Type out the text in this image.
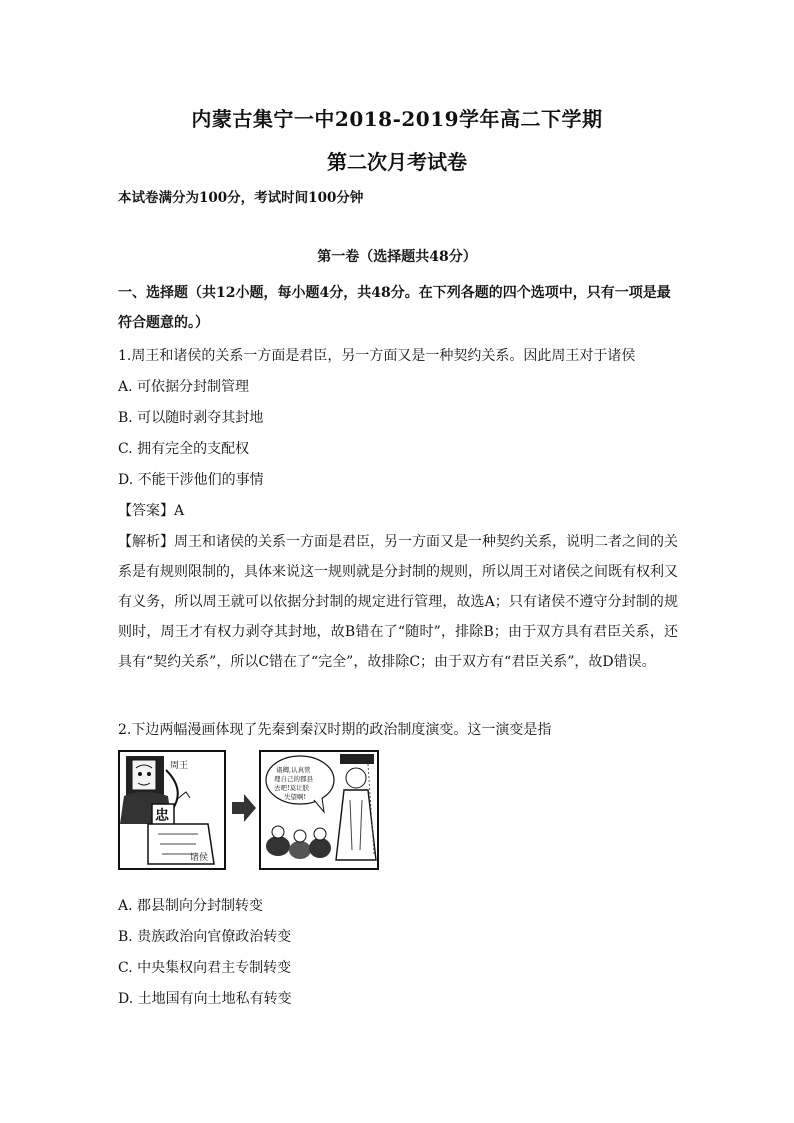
内蒙古集宁一中2018-2019学年高二下学期
第二次月考试卷
本试卷满分为100分，考试时间100分钟
第一卷（选择题共48分）
一、选择题（共12小题，每小题4分，共48分。在下列各题的四个选项中，只有一项是最符合题意的。）
1.周王和诸侯的关系一方面是君臣，另一方面又是一种契约关系。因此周王对于诸侯
A. 可依据分封制管理
B. 可以随时剥夺其封地
C. 拥有完全的支配权
D. 不能干涉他们的事情
【答案】A
【解析】周王和诸侯的关系一方面是君臣，另一方面又是一种契约关系，说明二者之间的关系是有规则限制的，具体来说这一规则就是分封制的规则，所以周王对诸侯之间既有权利又有义务，所以周王就可以依据分封制的规定进行管理，故选A；只有诸侯不遵守分封制的规则时，周王才有权力剥夺其封地，故B错在了“随时”，排除B；由于双方具有君臣关系，还具有“契约关系”，所以C错在了“完全”，故排除C；由于双方有“君臣关系”，故D错误。
2.下边两幅漫画体现了先秦到秦汉时期的政治制度演变。这一演变是指
周王
诸侯
忠
诸卿,认真管
理自己的郡县
去吧!莫让朕
失望啊!
A. 郡县制向分封制转变
B. 贵族政治向官僚政治转变
C. 中央集权向君主专制转变
D. 土地国有向土地私有转变
